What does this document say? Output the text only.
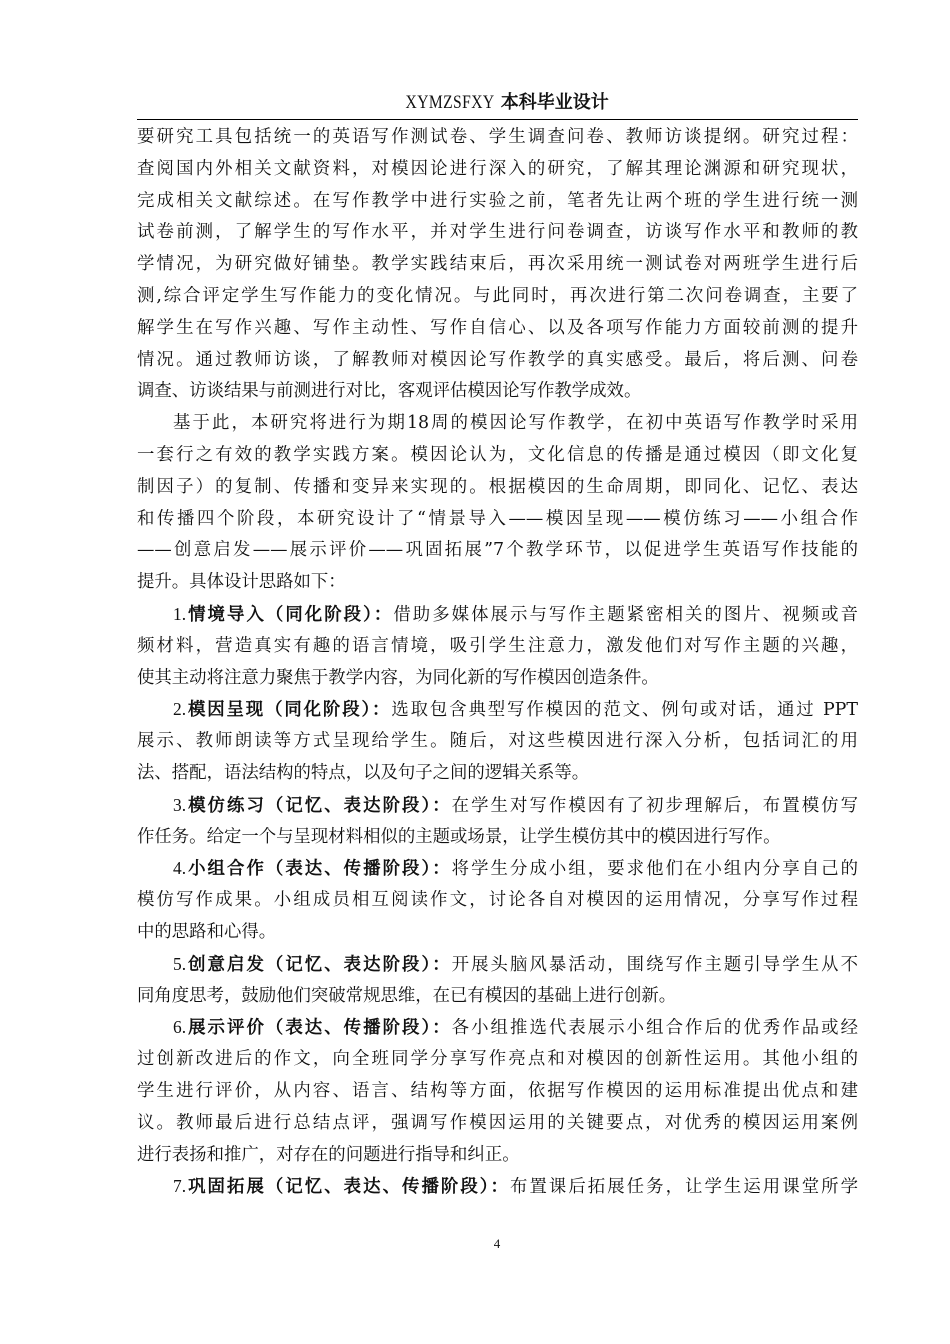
XYMZSFXY 本科毕业设计
要研究工具包括统一的英语写作测试卷、学生调查问卷、教师访谈提纲。研究过程：
查阅国内外相关文献资料，对模因论进行深入的研究，了解其理论渊源和研究现状，
完成相关文献综述。在写作教学中进行实验之前，笔者先让两个班的学生进行统一测
试卷前测，了解学生的写作水平，并对学生进行问卷调查，访谈写作水平和教师的教
学情况，为研究做好铺垫。教学实践结束后，再次采用统一测试卷对两班学生进行后
测,综合评定学生写作能力的变化情况。与此同时，再次进行第二次问卷调查，主要了
解学生在写作兴趣、写作主动性、写作自信心、以及各项写作能力方面较前测的提升
情况。通过教师访谈，了解教师对模因论写作教学的真实感受。最后，将后测、问卷
调查、访谈结果与前测进行对比，客观评估模因论写作教学成效。
基于此，本研究将进行为期18周的模因论写作教学，在初中英语写作教学时采用
一套行之有效的教学实践方案。模因论认为，文化信息的传播是通过模因（即文化复
制因子）的复制、传播和变异来实现的。根据模因的生命周期，即同化、记忆、表达
和传播四个阶段，本研究设计了“情景导入——模因呈现——模仿练习——小组合作
——创意启发——展示评价——巩固拓展”7个教学环节，以促进学生英语写作技能的
提升。具体设计思路如下：
1.情境导入（同化阶段）：借助多媒体展示与写作主题紧密相关的图片、视频或音
频材料，营造真实有趣的语言情境，吸引学生注意力，激发他们对写作主题的兴趣，
使其主动将注意力聚焦于教学内容，为同化新的写作模因创造条件。
2.模因呈现（同化阶段）：选取包含典型写作模因的范文、例句或对话，通过 PPT
展示、教师朗读等方式呈现给学生。随后，对这些模因进行深入分析，包括词汇的用
法、搭配，语法结构的特点，以及句子之间的逻辑关系等。
3.模仿练习（记忆、表达阶段）：在学生对写作模因有了初步理解后，布置模仿写
作任务。给定一个与呈现材料相似的主题或场景，让学生模仿其中的模因进行写作。
4.小组合作（表达、传播阶段）：将学生分成小组，要求他们在小组内分享自己的
模仿写作成果。小组成员相互阅读作文，讨论各自对模因的运用情况，分享写作过程
中的思路和心得。
5.创意启发（记忆、表达阶段）：开展头脑风暴活动，围绕写作主题引导学生从不
同角度思考，鼓励他们突破常规思维，在已有模因的基础上进行创新。
6.展示评价（表达、传播阶段）：各小组推选代表展示小组合作后的优秀作品或经
过创新改进后的作文，向全班同学分享写作亮点和对模因的创新性运用。其他小组的
学生进行评价，从内容、语言、结构等方面，依据写作模因的运用标准提出优点和建
议。教师最后进行总结点评，强调写作模因运用的关键要点，对优秀的模因运用案例
进行表扬和推广，对存在的问题进行指导和纠正。
7.巩固拓展（记忆、表达、传播阶段）：布置课后拓展任务，让学生运用课堂所学
4
